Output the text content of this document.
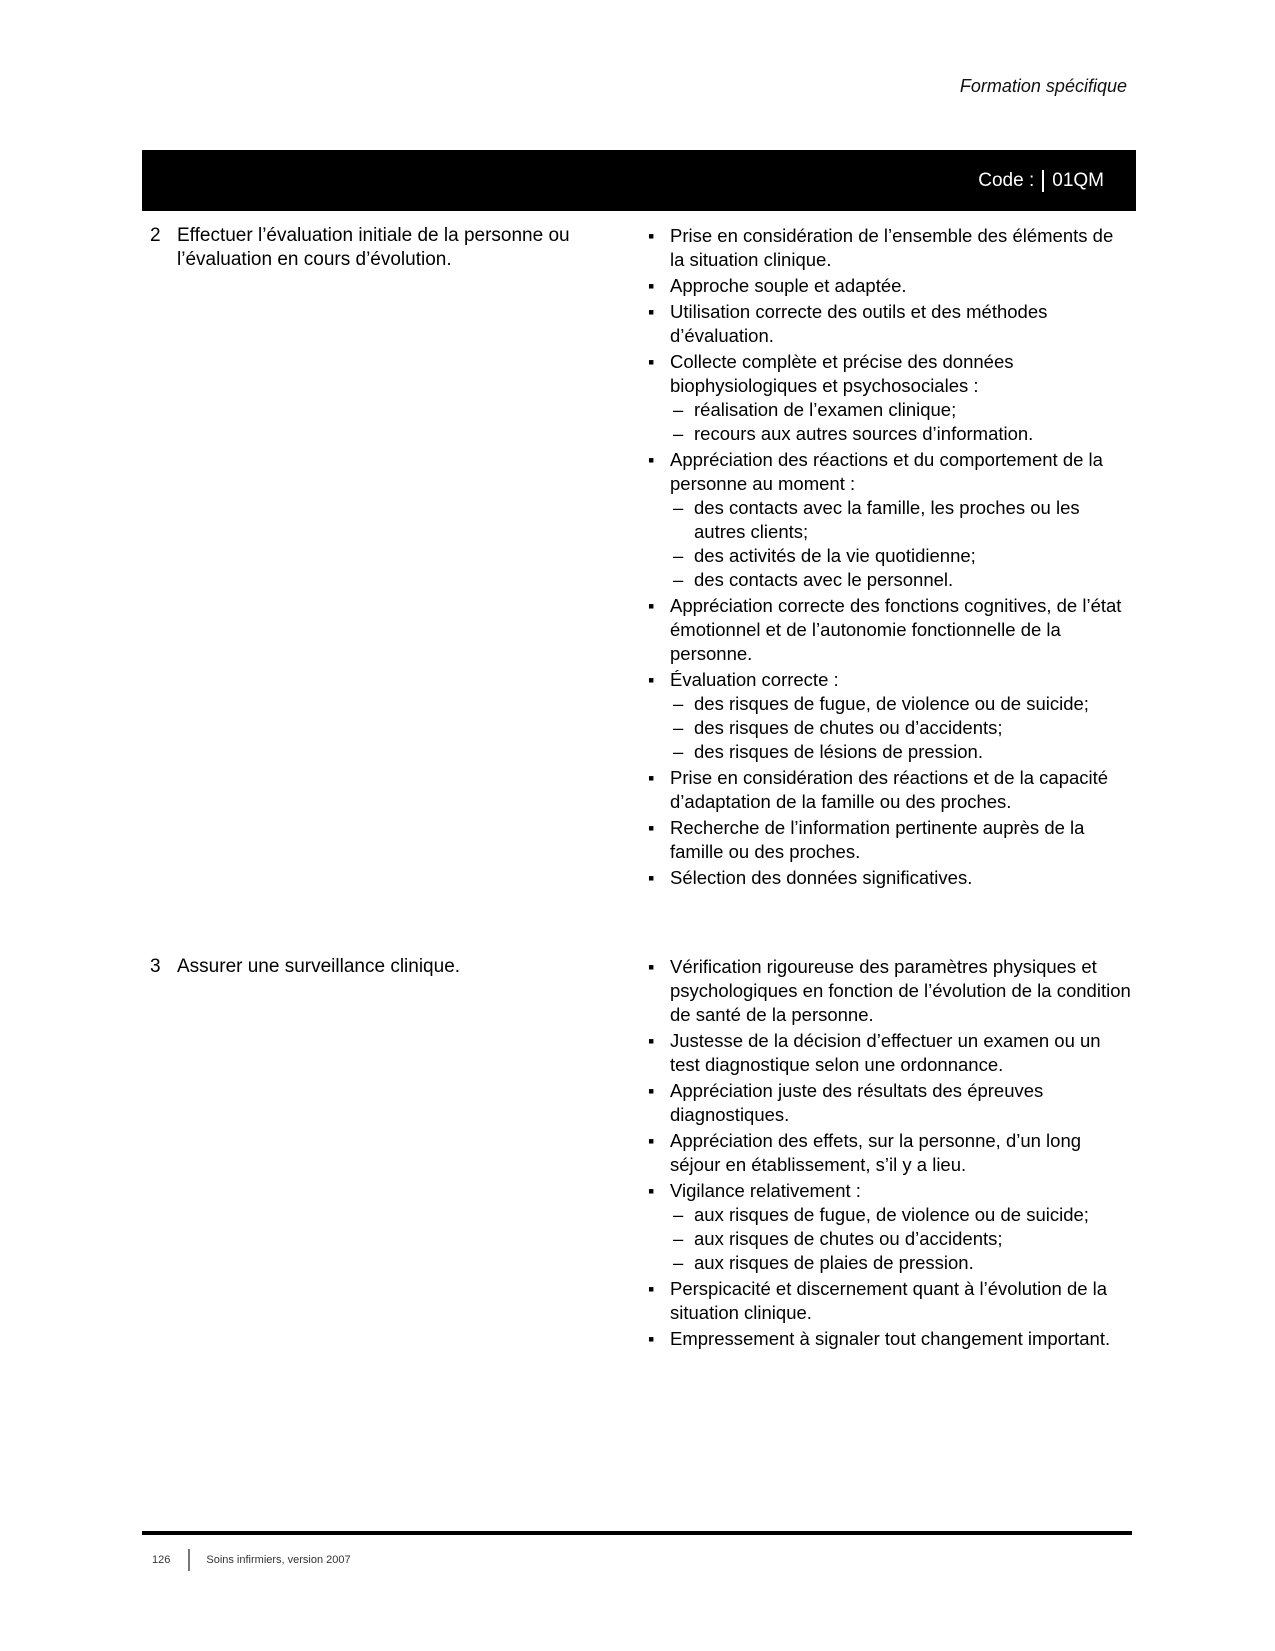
Formation spécifique
Code : 01QM
2 Effectuer l’évaluation initiale de la personne ou l’évaluation en cours d’évolution.
▪ Prise en considération de l’ensemble des éléments de la situation clinique.
▪ Approche souple et adaptée.
▪ Utilisation correcte des outils et des méthodes d’évaluation.
▪ Collecte complète et précise des données biophysiologiques et psychosociales :
– réalisation de l’examen clinique;
– recours aux autres sources d’information.
▪ Appréciation des réactions et du comportement de la personne au moment :
– des contacts avec la famille, les proches ou les autres clients;
– des activités de la vie quotidienne;
– des contacts avec le personnel.
▪ Appréciation correcte des fonctions cognitives, de l’état émotionnel et de l’autonomie fonctionnelle de la personne.
▪ Évaluation correcte :
– des risques de fugue, de violence ou de suicide;
– des risques de chutes ou d’accidents;
– des risques de lésions de pression.
▪ Prise en considération des réactions et de la capacité d’adaptation de la famille ou des proches.
▪ Recherche de l’information pertinente auprès de la famille ou des proches.
▪ Sélection des données significatives.
3 Assurer une surveillance clinique.
▪	Vérification rigoureuse des paramètres physiques et psychologiques en fonction de l’évolution de la condition de santé de la personne.
▪ Justesse de la décision d’effectuer un examen ou un test diagnostique selon une ordonnance.
▪ Appréciation juste des résultats des épreuves diagnostiques.
▪ Appréciation des effets, sur la personne, d’un long séjour en établissement, s’il y a lieu.
▪ Vigilance relativement :
– aux risques de fugue, de violence ou de suicide;
– aux risques de chutes ou d’accidents;
– aux risques de plaies de pression.
▪ Perspicacité et discernement quant à l’évolution de la situation clinique.
▪ Empressement à signaler tout changement important.
126	Soins infirmiers, version 2007
